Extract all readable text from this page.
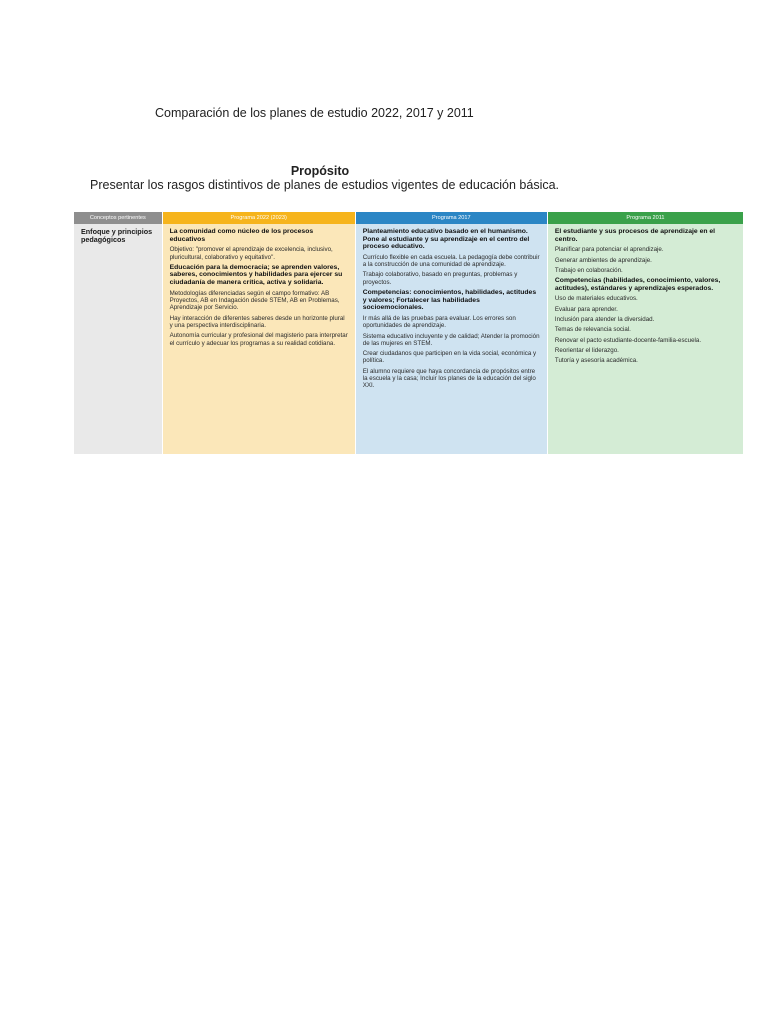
Comparación de los planes de estudio 2022, 2017 y 2011
Propósito
Presentar los rasgos distintivos de planes de estudios vigentes de educación básica.
Conceptos pertinentes
Enfoque y principios pedagógicos
Programa 2022 (2023)
La comunidad como núcleo de los procesos educativos
Objetivo: "promover el aprendizaje de excelencia, inclusivo, pluricultural, colaborativo y equitativo".
Educación para la democracia; se aprenden valores, saberes, conocimientos y habilidades para ejercer su ciudadanía de manera crítica, activa y solidaria.
Metodologías diferenciadas según el campo formativo: AB Proyectos, AB en Indagación desde STEM, AB en Problemas, Aprendizaje por Servicio.
Hay interacción de diferentes saberes desde un horizonte plural y una perspectiva interdisciplinaria.
Autonomía curricular y profesional del magisterio para interpretar el currículo y adecuar los programas a su realidad cotidiana.
Programa 2017
Planteamiento educativo basado en el humanismo. Pone al estudiante y su aprendizaje en el centro del proceso educativo.
Currículo flexible en cada escuela. La pedagogía debe contribuir a la construcción de una comunidad de aprendizaje.
Trabajo colaborativo, basado en preguntas, problemas y proyectos.
Competencias: conocimientos, habilidades, actitudes y valores; Fortalecer las habilidades socioemocionales.
Ir más allá de las pruebas para evaluar. Los errores son oportunidades de aprendizaje.
Sistema educativo incluyente y de calidad; Atender la promoción de las mujeres en STEM.
Crear ciudadanos que participen en la vida social, económica y política.
El alumno requiere que haya concordancia de propósitos entre la escuela y la casa; Incluir los planes de la educación del siglo XXI.
Programa 2011
El estudiante y sus procesos de aprendizaje en el centro.
Planificar para potenciar el aprendizaje.
Generar ambientes de aprendizaje.
Trabajo en colaboración.
Competencias (habilidades, conocimiento, valores, actitudes), estándares y aprendizajes esperados.
Uso de materiales educativos.
Evaluar para aprender.
Inclusión para atender la diversidad.
Temas de relevancia social.
Renovar el pacto estudiante-docente-familia-escuela.
Reorientar el liderazgo.
Tutoría y asesoría académica.
